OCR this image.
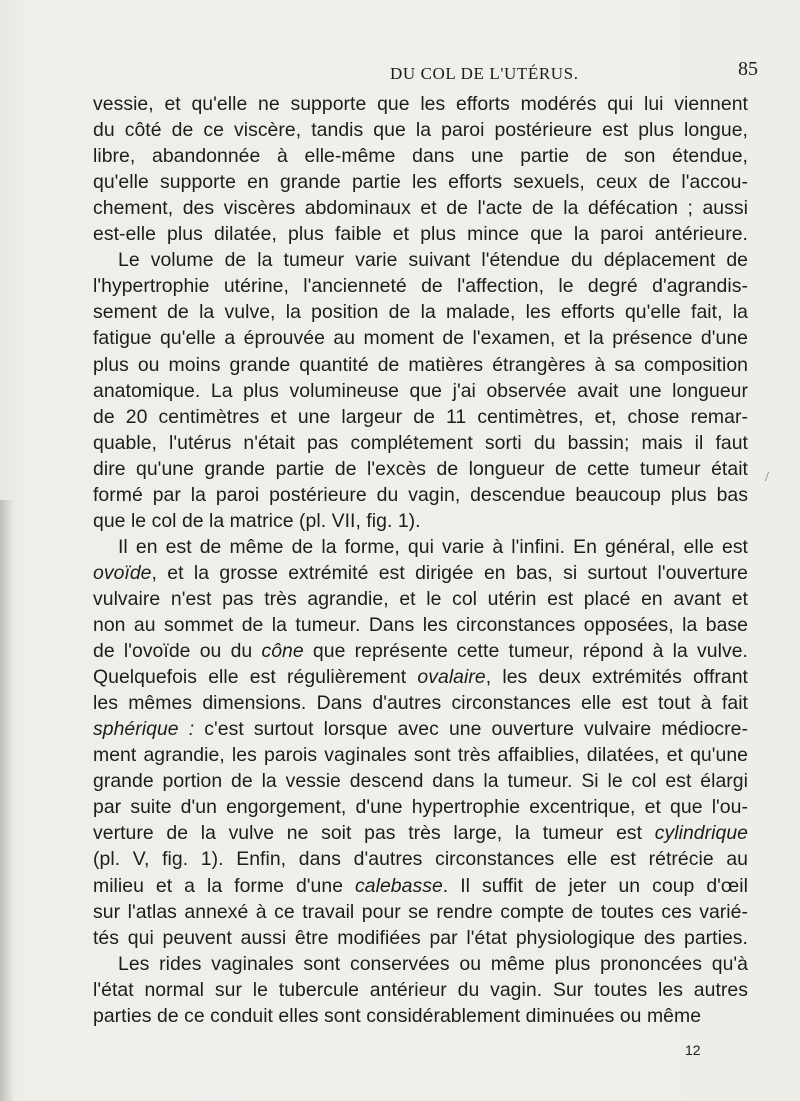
DU COL DE L'UTÉRUS.	85
vessie, et qu'elle ne supporte que les efforts modérés qui lui viennent
du côté de ce viscère, tandis que la paroi postérieure est plus longue,
libre, abandonnée à elle-même dans une partie de son étendue,
qu'elle supporte en grande partie les efforts sexuels, ceux de l'accou-
chement, des viscères abdominaux et de l'acte de la défécation ; aussi
est-elle plus dilatée, plus faible et plus mince que la paroi antérieure.
Le volume de la tumeur varie suivant l'étendue du déplacement de
l'hypertrophie utérine, l'ancienneté de l'affection, le degré d'agrandis-
sement de la vulve, la position de la malade, les efforts qu'elle fait, la
fatigue qu'elle a éprouvée au moment de l'examen, et la présence d'une
plus ou moins grande quantité de matières étrangères à sa composition
anatomique. La plus volumineuse que j'ai observée avait une longueur
de 20 centimètres et une largeur de 11 centimètres, et, chose remar-
quable, l'utérus n'était pas complétement sorti du bassin; mais il faut
dire qu'une grande partie de l'excès de longueur de cette tumeur était
formé par la paroi postérieure du vagin, descendue beaucoup plus bas
que le col de la matrice (pl. VII, fig. 1).
Il en est de même de la forme, qui varie à l'infini. En général, elle est
ovoïde, et la grosse extrémité est dirigée en bas, si surtout l'ouverture
vulvaire n'est pas très agrandie, et le col utérin est placé en avant et
non au sommet de la tumeur. Dans les circonstances opposées, la base
de l'ovoïde ou du cône que représente cette tumeur, répond à la vulve.
Quelquefois elle est régulièrement ovalaire, les deux extrémités offrant
les mêmes dimensions. Dans d'autres circonstances elle est tout à fait
sphérique : c'est surtout lorsque avec une ouverture vulvaire médiocre-
ment agrandie, les parois vaginales sont très affaiblies, dilatées, et qu'une
grande portion de la vessie descend dans la tumeur. Si le col est élargi
par suite d'un engorgement, d'une hypertrophie excentrique, et que l'ou-
verture de la vulve ne soit pas très large, la tumeur est cylindrique
(pl. V, fig. 1). Enfin, dans d'autres circonstances elle est rétrécie au
milieu et a la forme d'une calebasse. Il suffit de jeter un coup d'œil
sur l'atlas annexé à ce travail pour se rendre compte de toutes ces varié-
tés qui peuvent aussi être modifiées par l'état physiologique des parties.
Les rides vaginales sont conservées ou même plus prononcées qu'à
l'état normal sur le tubercule antérieur du vagin. Sur toutes les autres
parties de ce conduit elles sont considérablement diminuées ou même
/
12
